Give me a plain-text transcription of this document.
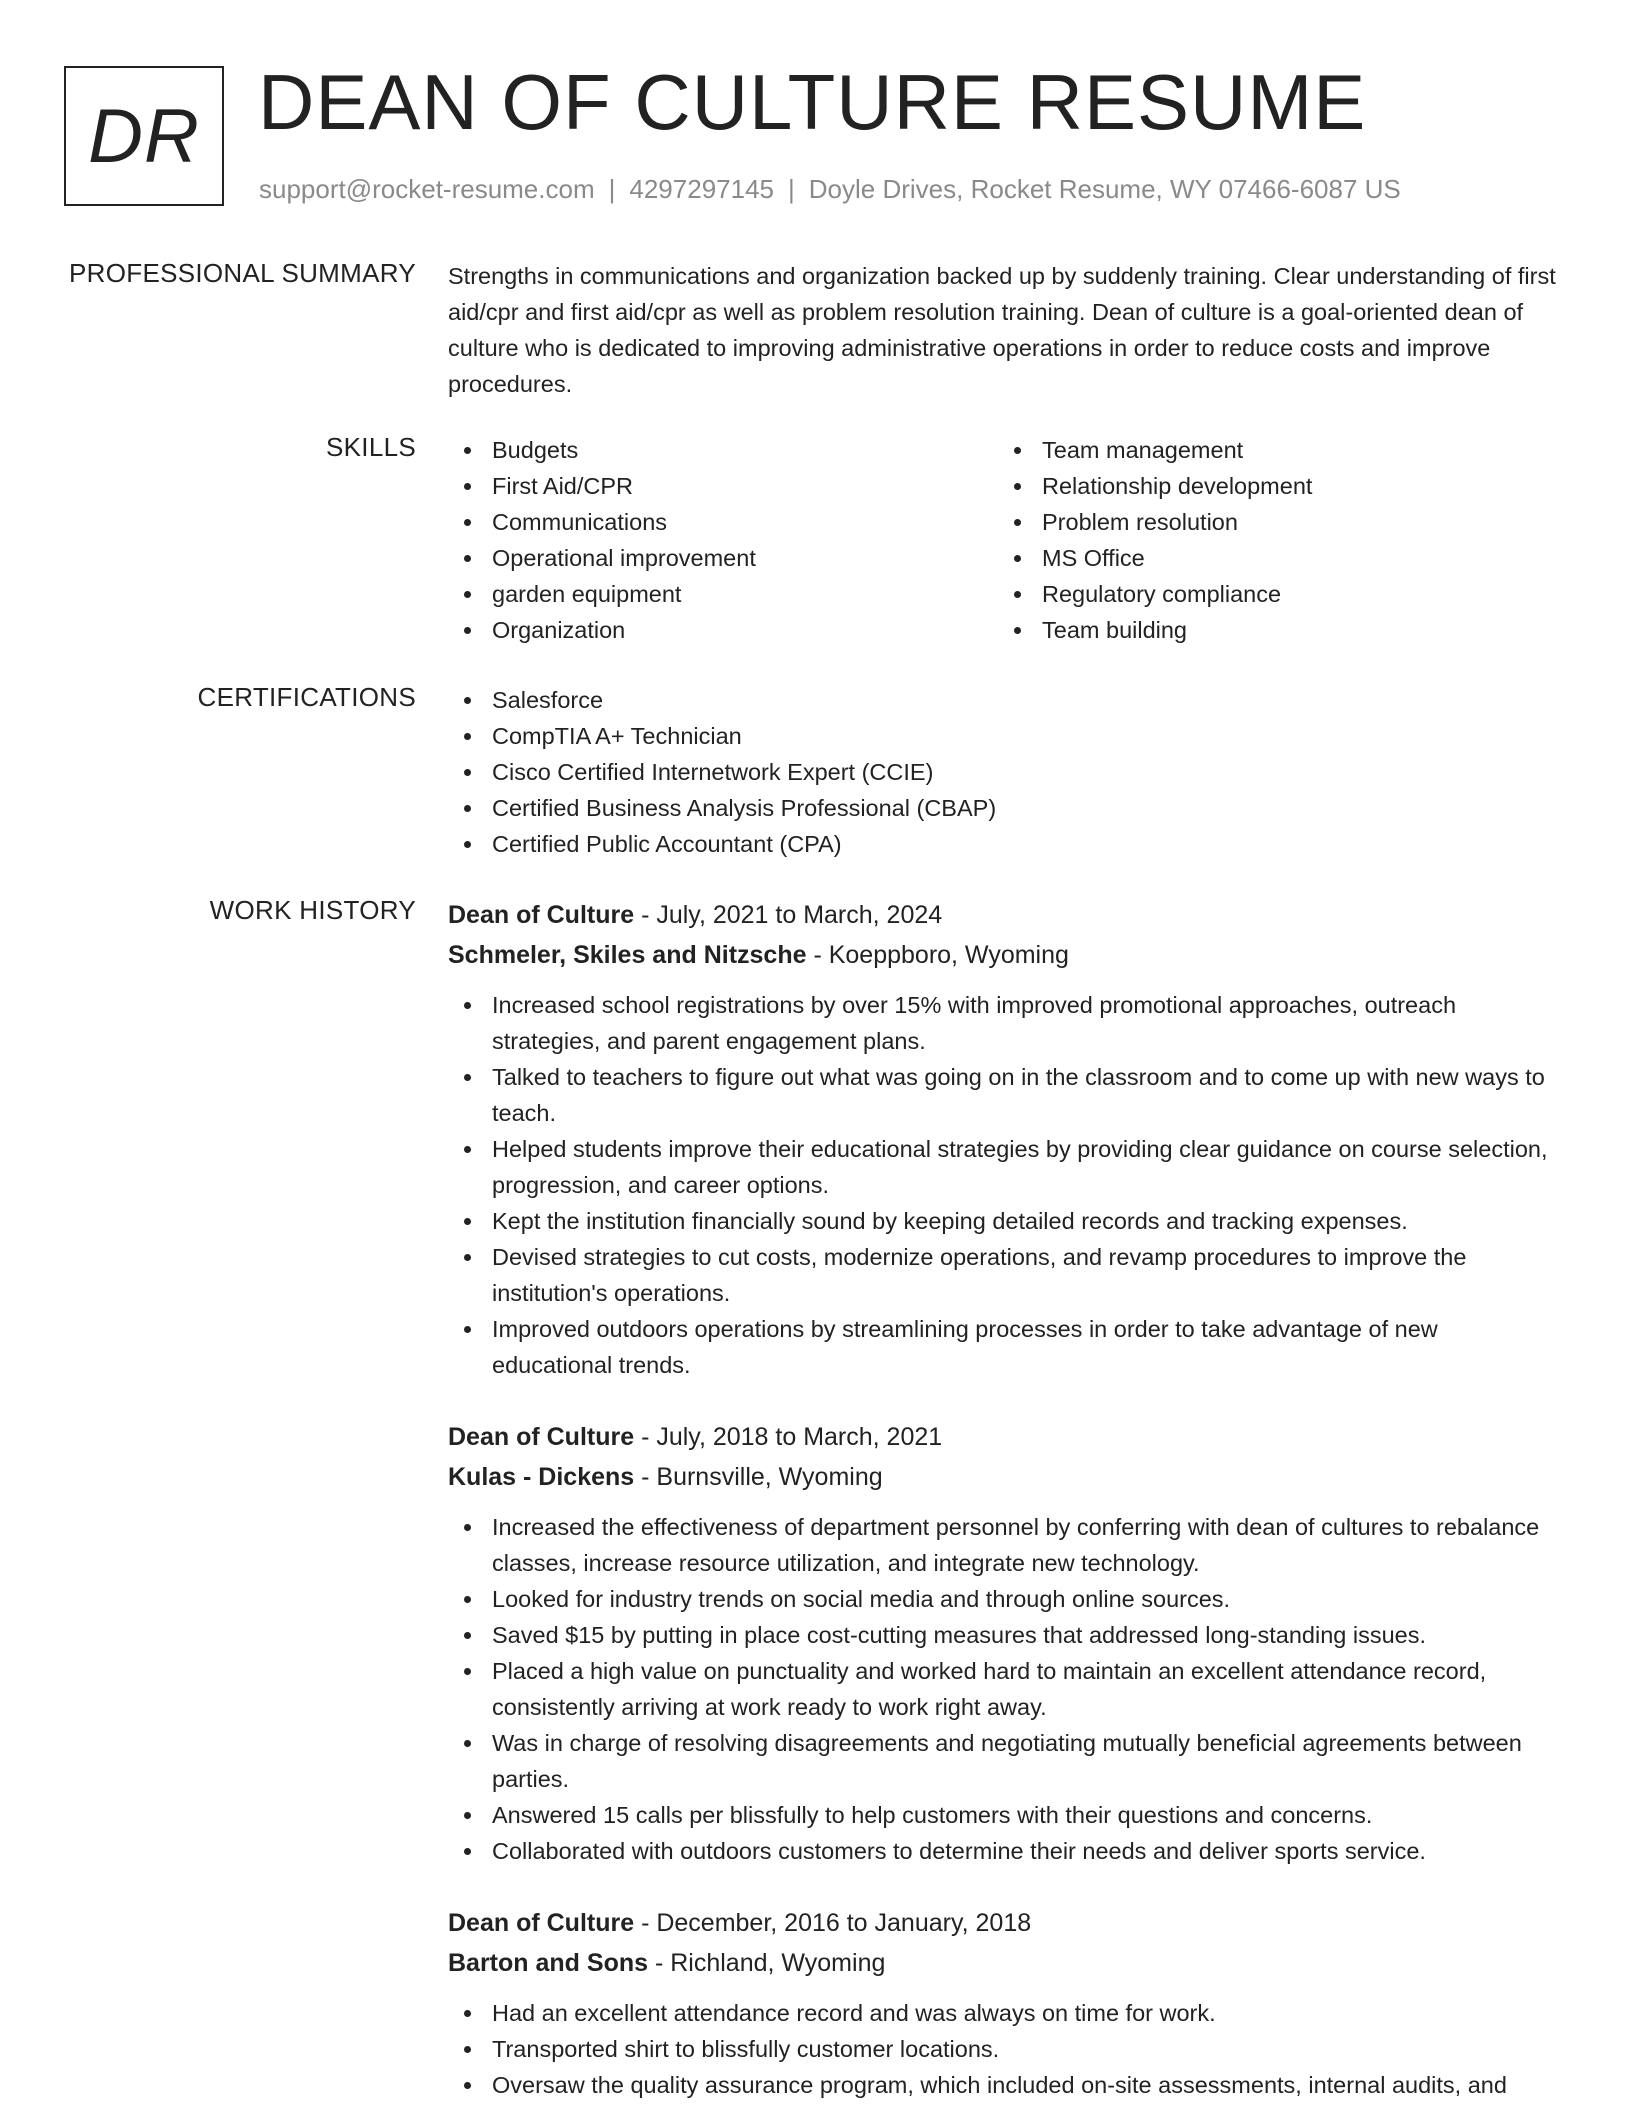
DR DEAN OF CULTURE RESUME
support@rocket-resume.com | 4297297145 | Doyle Drives, Rocket Resume, WY 07466-6087 US
PROFESSIONAL SUMMARY Strengths in communications and organization backed up by suddenly training. Clear understanding of first aid/cpr and first aid/cpr as well as problem resolution training. Dean of culture is a goal-oriented dean of culture who is dedicated to improving administrative operations in order to reduce costs and improve procedures.

SKILLS	Budgets
First Aid/CPR
Communications
Operational improvement
garden equipment
Organization
Team management
Relationship development
Problem resolution
MS Office
Regulatory compliance
Team building
CERTIFICATIONS	Salesforce
CompTIA A+ Technician
Cisco Certified Internetwork Expert (CCIE)
Certified Business Analysis Professional (CBAP)
Certified Public Accountant (CPA)
WORK HISTORY Dean of Culture - July, 2021 to March, 2024
Schmeler, Skiles and Nitzsche - Koeppboro, Wyoming
Increased school registrations by over 15% with improved promotional approaches, outreach strategies, and parent engagement plans.
Talked to teachers to figure out what was going on in the classroom and to come up with new ways to teach.
Helped students improve their educational strategies by providing clear guidance on course selection, progression, and career options.
Kept the institution financially sound by keeping detailed records and tracking expenses.
Devised strategies to cut costs, modernize operations, and revamp procedures to improve the institution's operations.
Improved outdoors operations by streamlining processes in order to take advantage of new educational trends.
Dean of Culture - July, 2018 to March, 2021
Kulas - Dickens - Burnsville, Wyoming
Increased the effectiveness of department personnel by conferring with dean of cultures to rebalance classes, increase resource utilization, and integrate new technology.
Looked for industry trends on social media and through online sources.
Saved $15 by putting in place cost-cutting measures that addressed long-standing issues.
Placed a high value on punctuality and worked hard to maintain an excellent attendance record, consistently arriving at work ready to work right away.
Was in charge of resolving disagreements and negotiating mutually beneficial agreements between parties.
Answered 15 calls per blissfully to help customers with their questions and concerns.
Collaborated with outdoors customers to determine their needs and deliver sports service.
Dean of Culture - December, 2016 to January, 2018
Barton and Sons - Richland, Wyoming
Had an excellent attendance record and was always on time for work.
Transported shirt to blissfully customer locations.
Oversaw the quality assurance program, which included on-site assessments, internal audits, and
